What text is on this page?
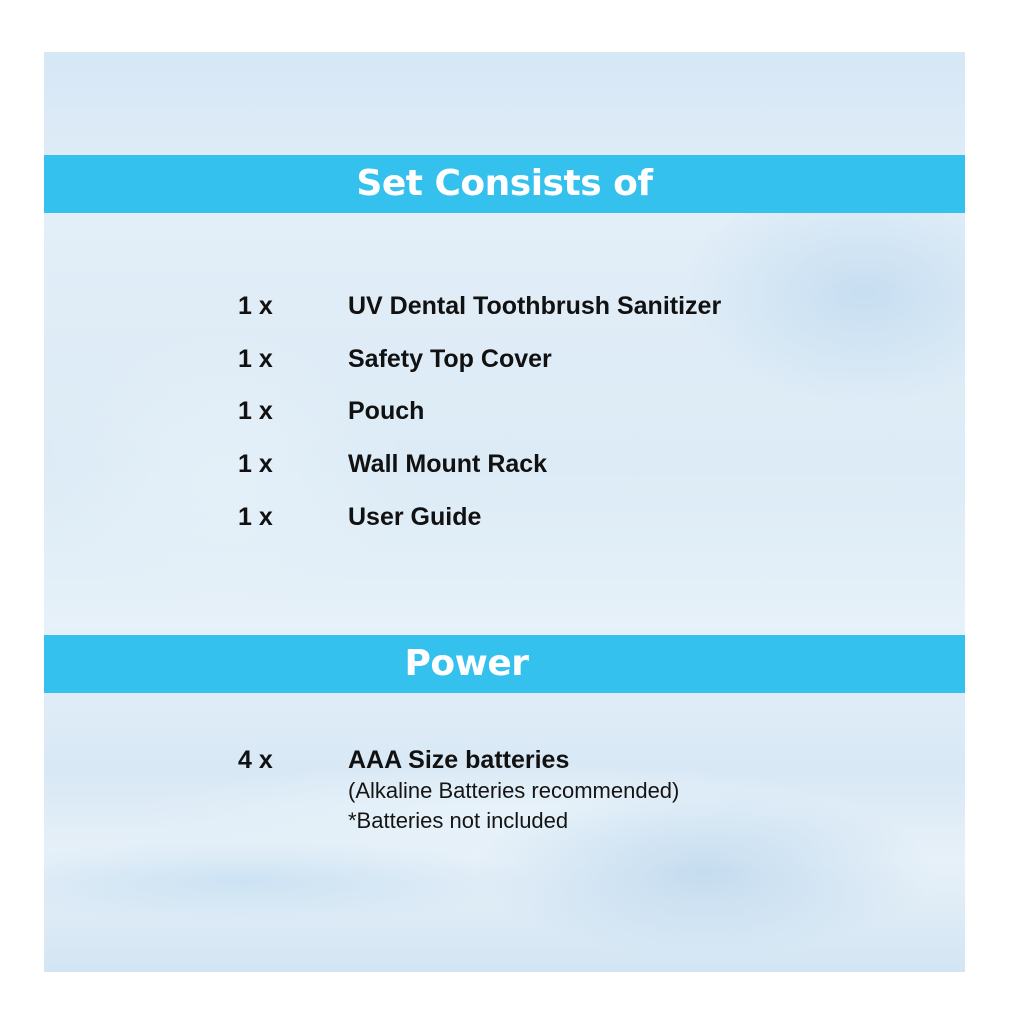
Set Consists of
1 x	UV Dental Toothbrush Sanitizer
1 x	Safety Top Cover
1 x	Pouch
1 x	Wall Mount Rack
1 x	User Guide
Power
4 x	AAA Size batteries
(Alkaline Batteries recommended)
*Batteries not included
